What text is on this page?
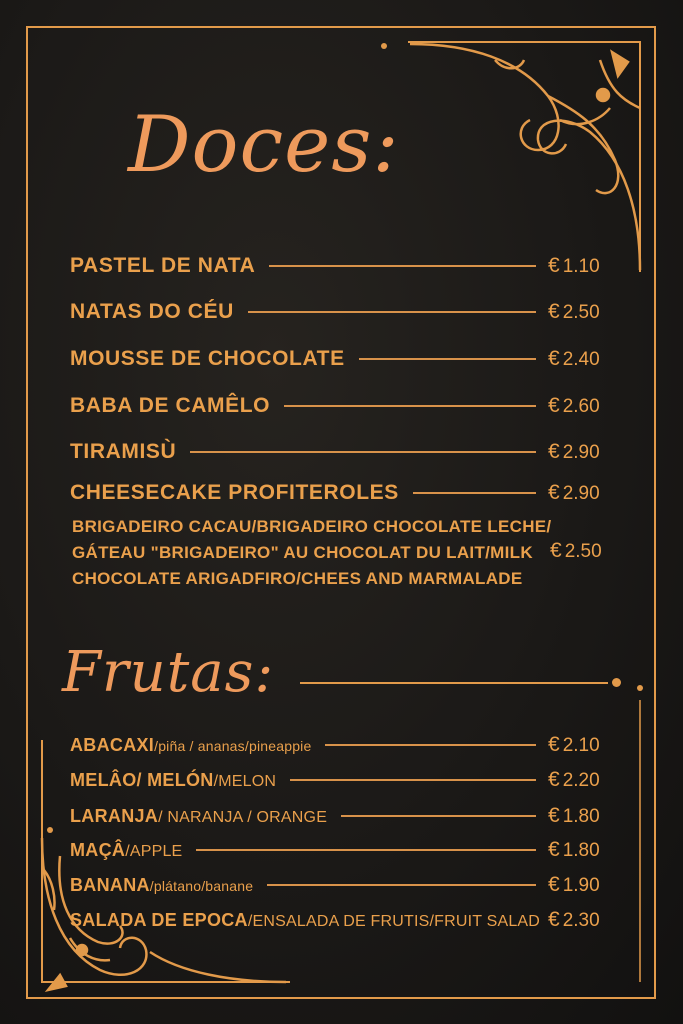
Doces:
PASTEL DE NATA	€ 1.10
NATAS DO CÉU	€ 2.50
MOUSSE DE CHOCOLATE	€ 2.40
BABA DE CAMÊLO	€ 2.60
TIRAMISÙ	€ 2.90
CHEESECAKE PROFITEROLES	€ 2.90
BRIGADEIRO CACAU/BRIGADEIRO CHOCOLATE LECHE/
GÁTEAU "BRIGADEIRO" AU CHOCOLAT DU LAIT/MILK
CHOCOLATE ARIGADFIRO/CHEES AND MARMALADE
€ 2.50
Frutas:
ABACAXI/piña / ananas/pineappie	€ 2.10
MELÂO/ MELÓN/MELON	€ 2.20
LARANJA/ NARANJA / ORANGE	€ 1.80
MAÇÂ/APPLE	€ 1.80
BANANA/plátano/banane	€ 1.90
SALADA DE EPOCA/ENSALADA DE FRUTIS/FRUIT SALAD € 2.30
